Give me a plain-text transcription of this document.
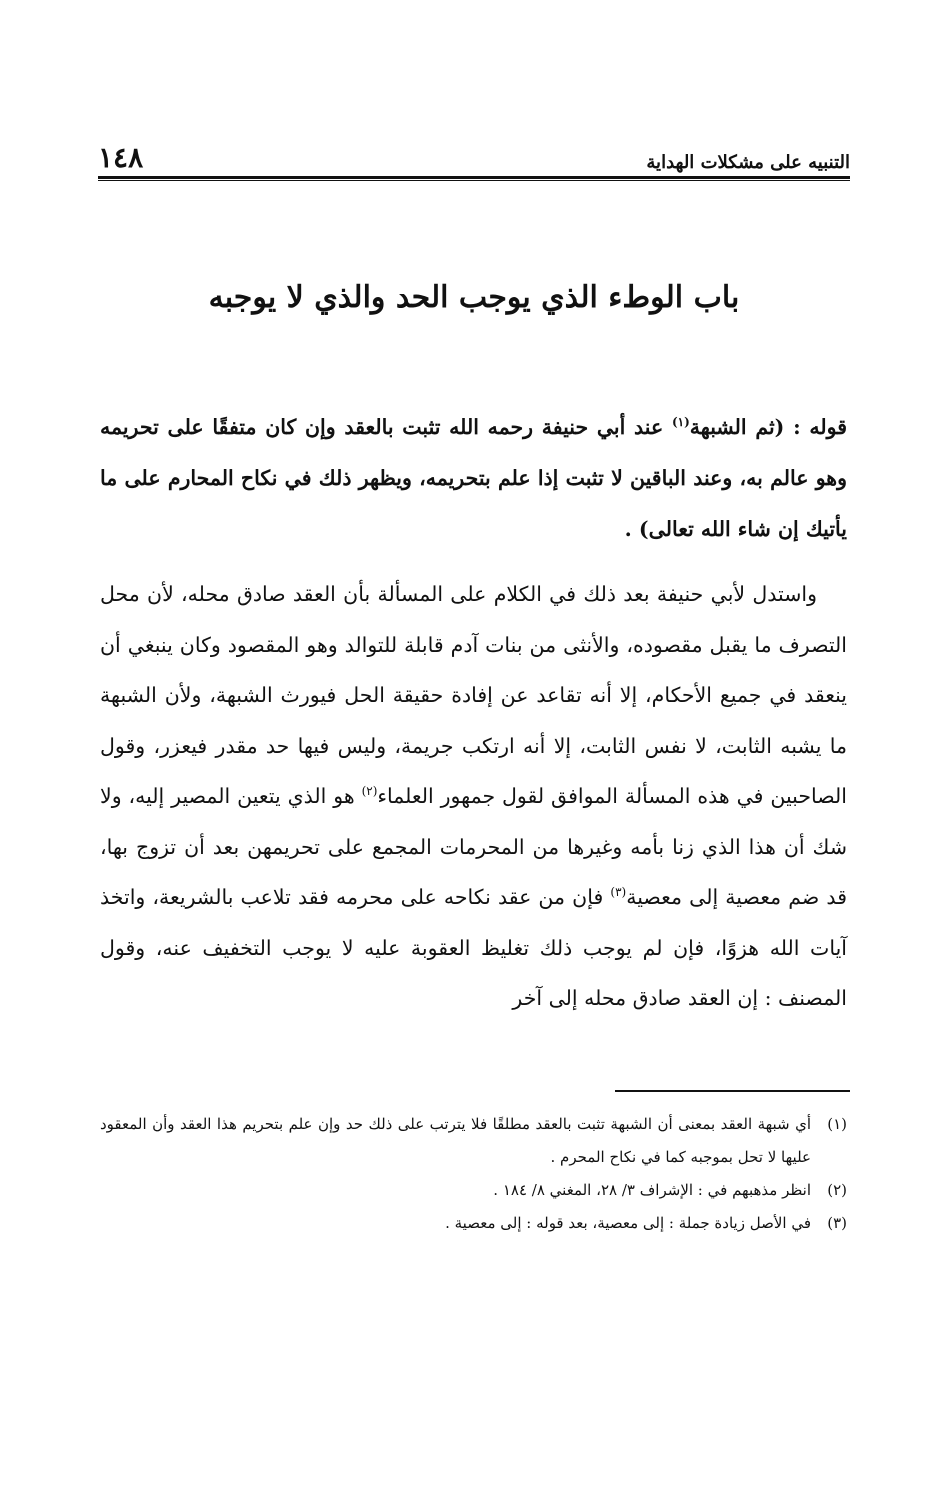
التنبيه على مشكلات الهداية
١٤٨
باب الوطء الذي يوجب الحد والذي لا يوجبه

قوله : (ثم الشبهة$^{(١)}$ عند أبي حنيفة رحمه الله تثبت بالعقد وإن كان متفقًا على تحريمه وهو عالم به، وعند الباقين لا تثبت إذا علم بتحريمه، ويظهر ذلك في نكاح المحارم على ما يأتيك إن شاء الله تعالى) .

واستدل لأبي حنيفة بعد ذلك في الكلام على المسألة بأن العقد صادق محله، لأن محل التصرف ما يقبل مقصوده، والأنثى من بنات آدم قابلة للتوالد وهو المقصود وكان ينبغي أن ينعقد في جميع الأحكام، إلا أنه تقاعد عن إفادة حقيقة الحل فيورث الشبهة، ولأن الشبهة ما يشبه الثابت، لا نفس الثابت، إلا أنه ارتكب جريمة، وليس فيها حد مقدر فيعزر، وقول الصاحبين في هذه المسألة الموافق لقول جمهور العلماء$^{(٢)}$ هو الذي يتعين المصير إليه، ولا شك أن هذا الذي زنا بأمه وغيرها من المحرمات المجمع على تحريمهن بعد أن تزوج بها، قد ضم معصية إلى معصية$^{(٣)}$ فإن من عقد نكاحه على محرمه فقد تلاعب بالشريعة، واتخذ آيات الله هزوًا، فإن لم يوجب ذلك تغليظ العقوبة عليه لا يوجب التخفيف عنه، وقول المصنف : إن العقد صادق محله إلى آخر

(١)
أي شبهة العقد بمعنى أن الشبهة تثبت بالعقد مطلقًا فلا يترتب على ذلك حد وإن علم بتحريم هذا العقد وأن المعقود عليها لا تحل بموجبه كما في نكاح المحرم .
(٢)
انظر مذهبهم في : الإشراف ٣/ ٢٨، المغني ٨/ ١٨٤ .
(٣)
في الأصل زيادة جملة : إلى معصية، بعد قوله : إلى معصية .
